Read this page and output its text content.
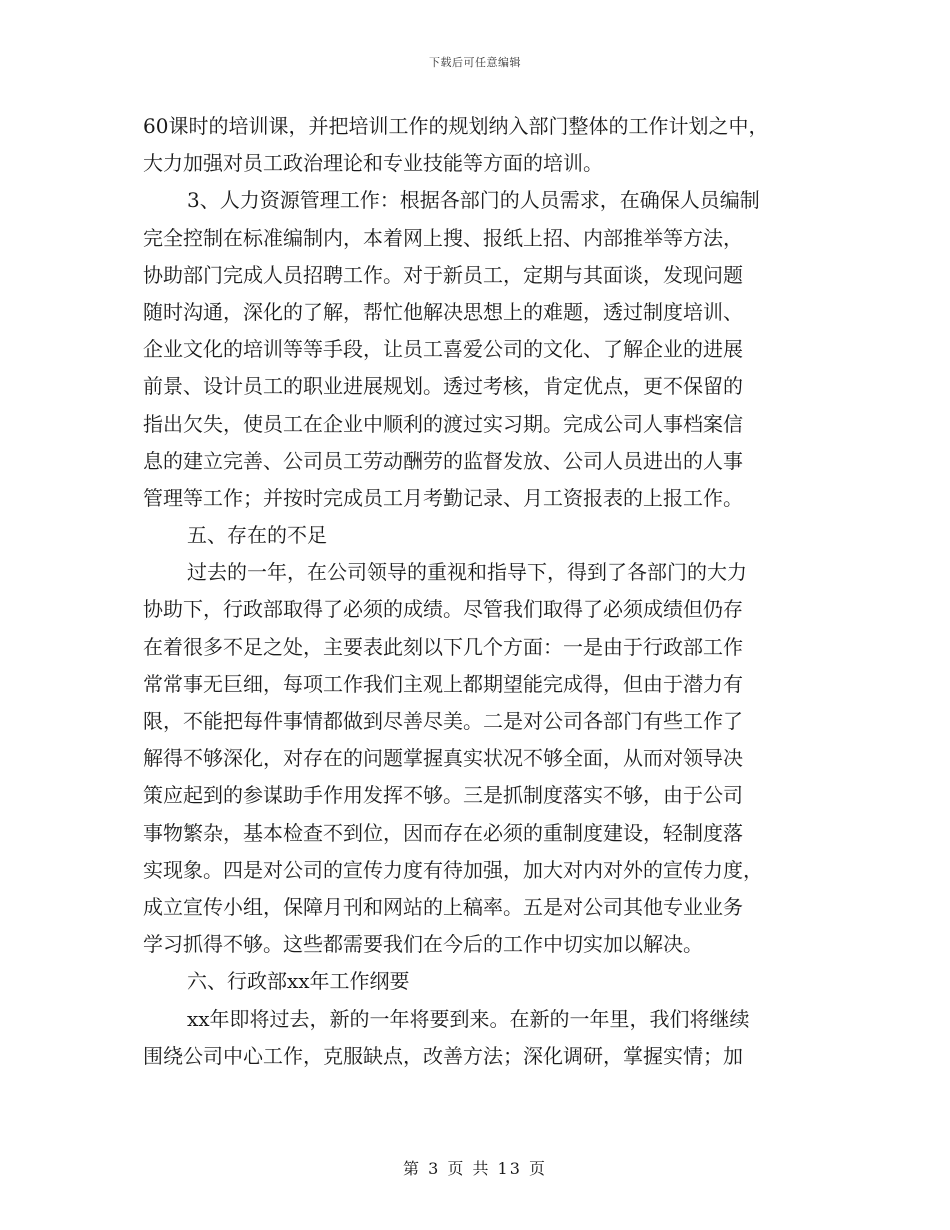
下载后可任意编辑
60课时的培训课，并把培训工作的规划纳入部门整体的工作计划之中，
大力加强对员工政治理论和专业技能等方面的培训。
3、人力资源管理工作：根据各部门的人员需求，在确保人员编制
完全控制在标准编制内，本着网上搜、报纸上招、内部推举等方法，
协助部门完成人员招聘工作。对于新员工，定期与其面谈，发现问题
随时沟通，深化的了解，帮忙他解决思想上的难题，透过制度培训、
企业文化的培训等等手段，让员工喜爱公司的文化、了解企业的进展
前景、设计员工的职业进展规划。透过考核，肯定优点，更不保留的
指出欠失，使员工在企业中顺利的渡过实习期。完成公司人事档案信
息的建立完善、公司员工劳动酬劳的监督发放、公司人员进出的人事
管理等工作；并按时完成员工月考勤记录、月工资报表的上报工作。
五、存在的不足
过去的一年，在公司领导的重视和指导下，得到了各部门的大力
协助下，行政部取得了必须的成绩。尽管我们取得了必须成绩但仍存
在着很多不足之处，主要表此刻以下几个方面：一是由于行政部工作
常常事无巨细，每项工作我们主观上都期望能完成得，但由于潜力有
限，不能把每件事情都做到尽善尽美。二是对公司各部门有些工作了
解得不够深化，对存在的问题掌握真实状况不够全面，从而对领导决
策应起到的参谋助手作用发挥不够。三是抓制度落实不够，由于公司
事物繁杂，基本检查不到位，因而存在必须的重制度建设，轻制度落
实现象。四是对公司的宣传力度有待加强，加大对内对外的宣传力度，
成立宣传小组，保障月刊和网站的上稿率。五是对公司其他专业业务
学习抓得不够。这些都需要我们在今后的工作中切实加以解决。
六、行政部xx年工作纲要
xx年即将过去，新的一年将要到来。在新的一年里，我们将继续
围绕公司中心工作，克服缺点，改善方法；深化调研，掌握实情；加
第 3 页 共 13 页
